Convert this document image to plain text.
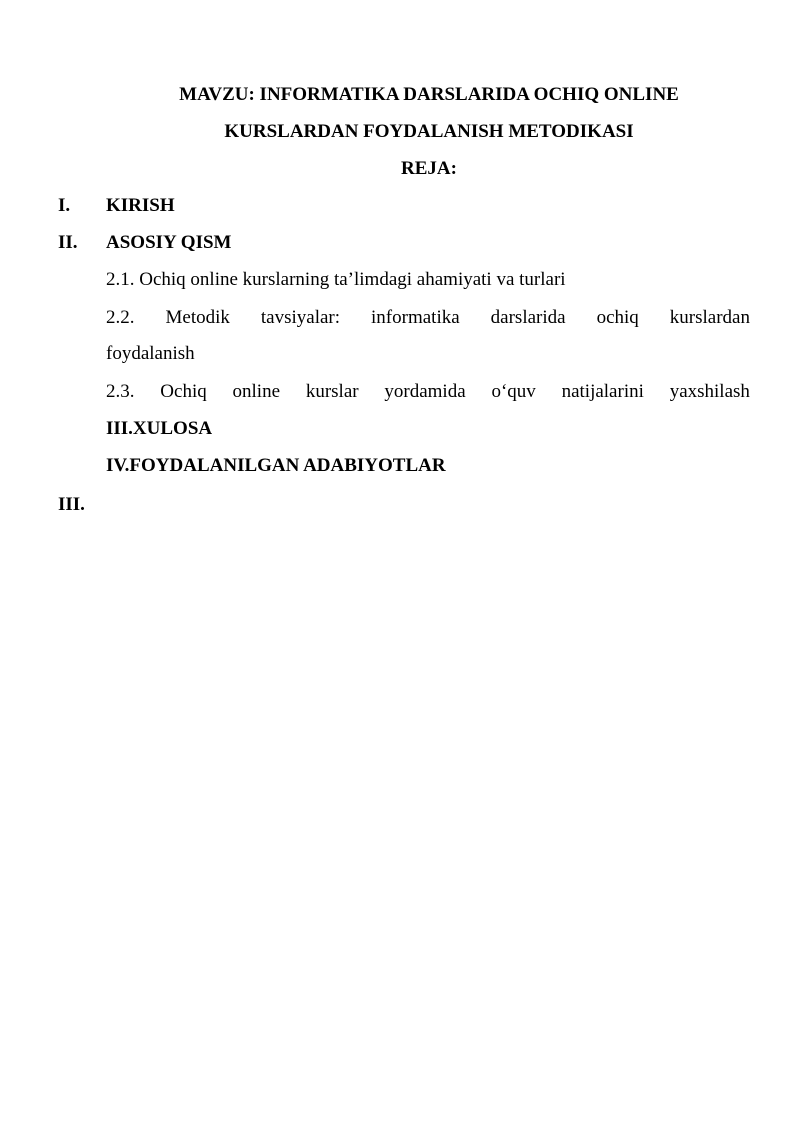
MAVZU: INFORMATIKA DARSLARIDA OCHIQ ONLINE
KURSLARDAN FOYDALANISH METODIKASI
REJA:
I. KIRISH
II. ASOSIY QISM
2.1. Ochiq online kurslarning ta’limdagi ahamiyati va turlari
2.2. Metodik tavsiyalar: informatika darslarida ochiq kurslardan
foydalanish
2.3. Ochiq online kurslar yordamida o‘quv natijalarini yaxshilash
III.XULOSA
IV.FOYDALANILGAN ADABIYOTLAR
III.
